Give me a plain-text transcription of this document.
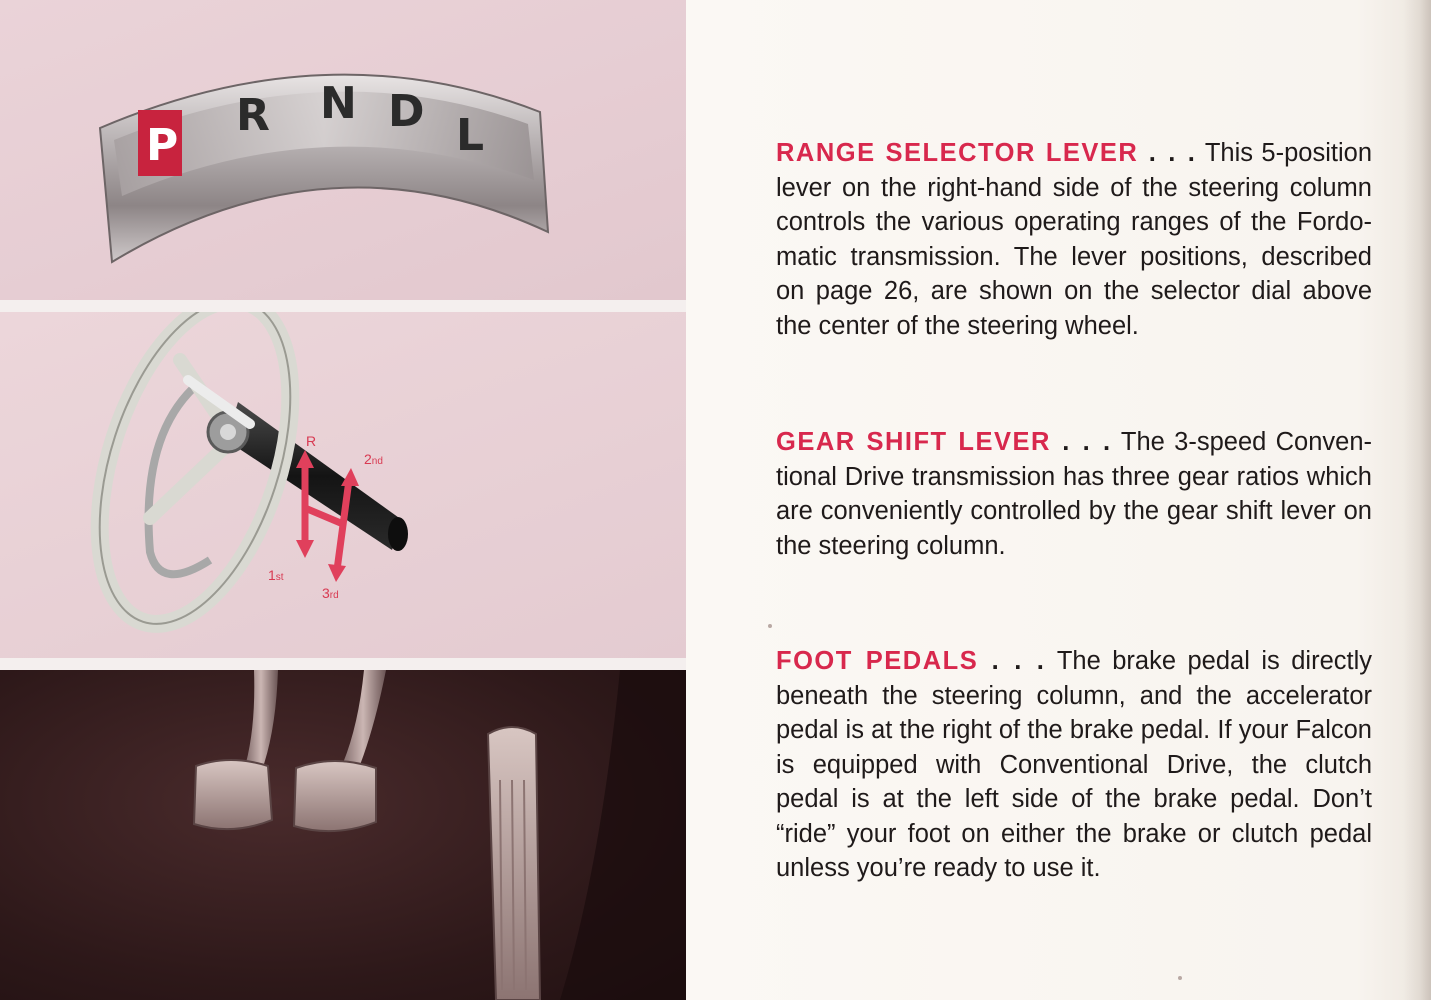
P
R N D L
R
2nd
1st
3rd
RANGE SELECTOR LEVER . . . This 5-position lever on the right-hand side of the steering column controls the various operating ranges of the Fordo-matic transmission. The lever positions, described on page 26, are shown on the selector dial above the center of the steering wheel.
GEAR SHIFT LEVER . . . The 3-speed Conven-tional Drive transmission has three gear ratios which are conveniently controlled by the gear shift lever on the steering column.
FOOT PEDALS . . . The brake pedal is directly beneath the steering column, and the accelerator pedal is at the right of the brake pedal. If your Falcon is equipped with Conventional Drive, the clutch pedal is at the left side of the brake pedal. Don’t “ride” your foot on either the brake or clutch pedal unless you’re ready to use it.
